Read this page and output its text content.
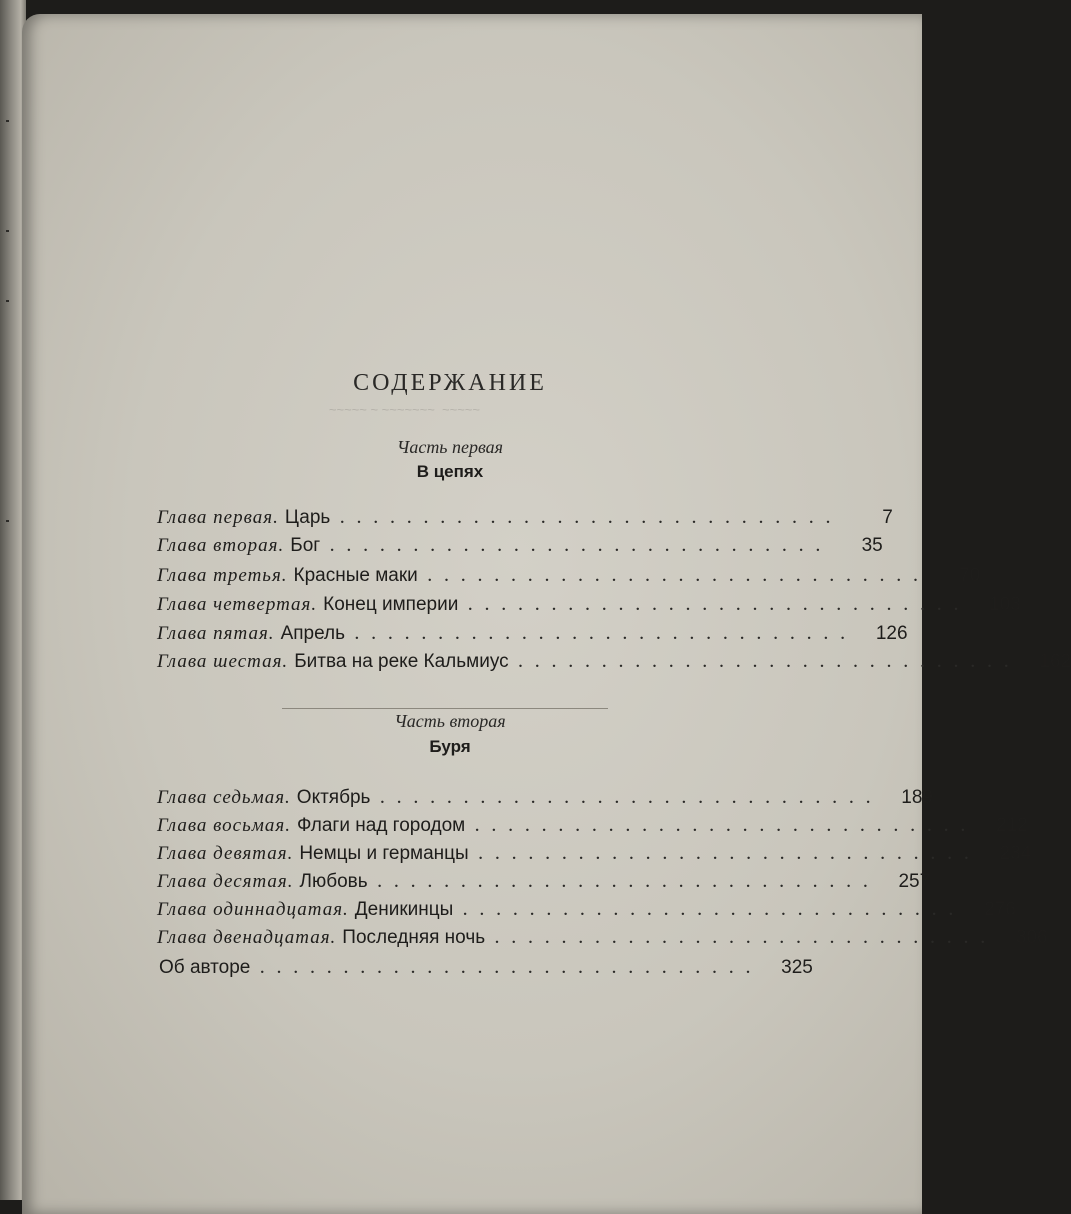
~~~~~ ~ ~~~~~~~  ~~~~~
СОДЕРЖАНИЕ
Часть первая
В цепях
Глава первая. Царь ..............................	7
Глава вторая. Бог ..............................	35
Глава третья. Красные маки ..............................	70
Глава четвертая. Конец империи .............................. 103
Глава пятая. Апрель .............................. 126
Глава шестая. Битва на реке Кальмиус .............................. 162
Часть вторая
Буря
Глава седьмая. Октябрь .............................. 189
Глава восьмая. Флаги над городом .............................. 212
Глава девятая. Немцы и германцы .............................. 234
Глава десятая. Любовь .............................. 257
Глава одиннадцатая. Деникинцы .............................. 276
Глава двенадцатая. Последняя ночь .............................. 306
Об авторе .............................. 325
